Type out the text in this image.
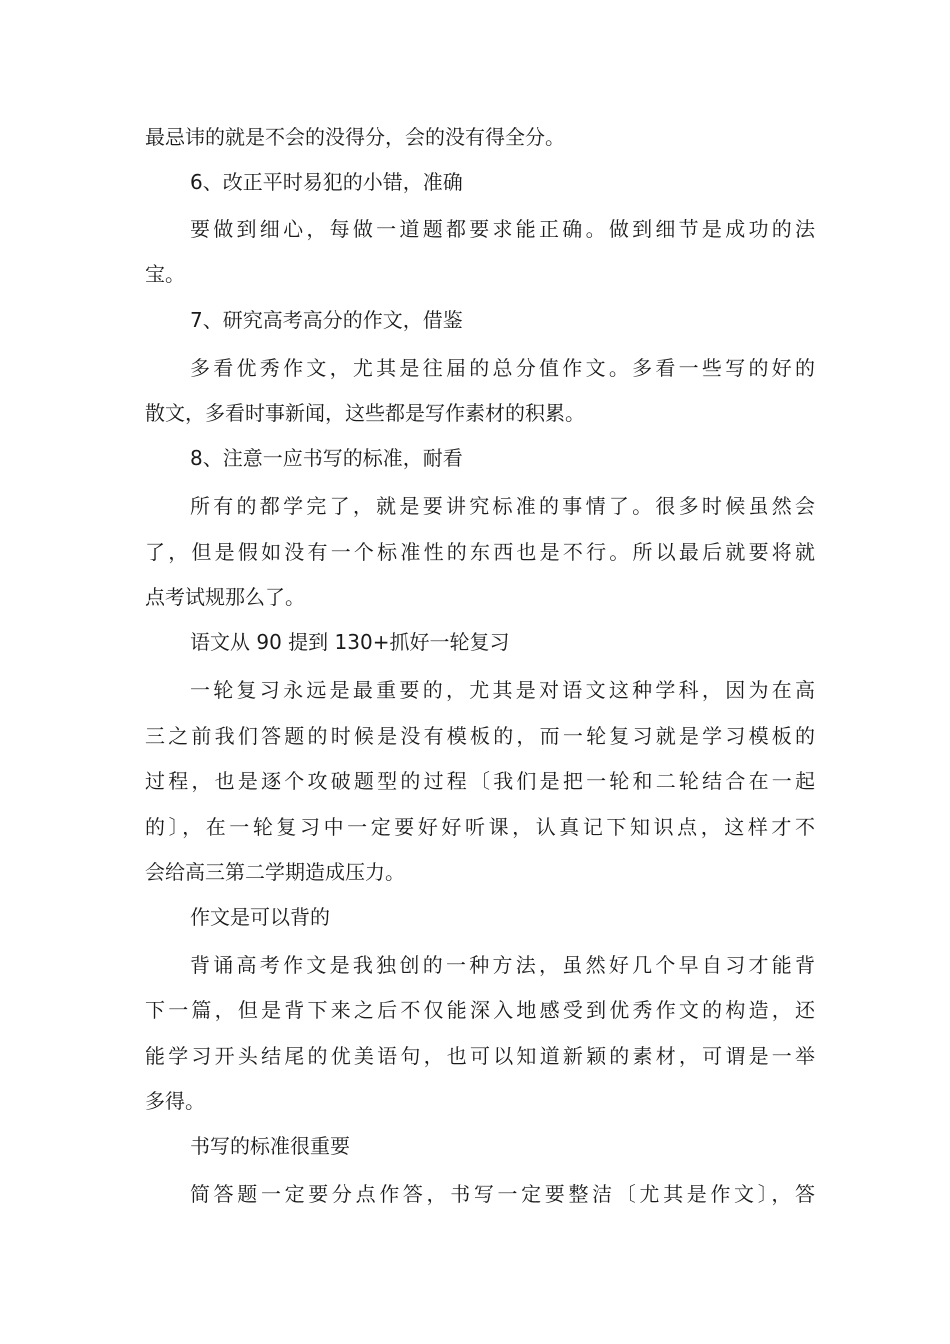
最忌讳的就是不会的没得分，会的没有得全分。
6、改正平时易犯的小错，准确
要做到细心，每做一道题都要求能正确。做到细节是成功的法
宝。
7、研究高考高分的作文，借鉴
多看优秀作文，尤其是往届的总分值作文。多看一些写的好的
散文，多看时事新闻，这些都是写作素材的积累。
8、注意一应书写的标准，耐看
所有的都学完了，就是要讲究标准的事情了。很多时候虽然会
了，但是假如没有一个标准性的东西也是不行。所以最后就要将就
点考试规那么了。
语文从 90 提到 130+抓好一轮复习
一轮复习永远是最重要的，尤其是对语文这种学科，因为在高
三之前我们答题的时候是没有模板的，而一轮复习就是学习模板的
过程，也是逐个攻破题型的过程〔我们是把一轮和二轮结合在一起
的〕，在一轮复习中一定要好好听课，认真记下知识点，这样才不
会给高三第二学期造成压力。
作文是可以背的
背诵高考作文是我独创的一种方法，虽然好几个早自习才能背
下一篇，但是背下来之后不仅能深入地感受到优秀作文的构造，还
能学习开头结尾的优美语句，也可以知道新颖的素材，可谓是一举
多得。
书写的标准很重要
简答题一定要分点作答，书写一定要整洁〔尤其是作文〕，答
